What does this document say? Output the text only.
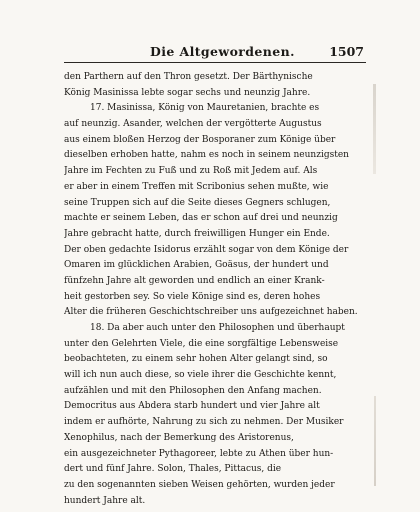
Die Altgewordenen.	1507
den Parthern auf den Thron gesetzt. Der Bärthynische
König Masinissa lebte sogar sechs und neunzig Jahre.
17. Masinissa, König von Mauretanien, brachte es
auf neunzig. Asander, welchen der vergötterte Augustus
aus einem bloßen Herzog der Bosporaner zum Könige über
dieselben erhoben hatte, nahm es noch in seinem neunzigsten
Jahre im Fechten zu Fuß und zu Roß mit Jedem auf. Als
er aber in einem Treffen mit Scribonius sehen mußte, wie
seine Truppen sich auf die Seite dieses Gegners schlugen,
machte er seinem Leben, das er schon auf drei und neunzig
Jahre gebracht hatte, durch freiwilligen Hunger ein Ende.
Der oben gedachte Isidorus erzählt sogar von dem Könige der
Omaren im glücklichen Arabien, Goäsus, der hundert und
fünfzehn Jahre alt geworden und endlich an einer Krank-
heit gestorben sey. So viele Könige sind es, deren hohes
Alter die früheren Geschichtschreiber uns aufgezeichnet haben.
18. Da aber auch unter den Philosophen und überhaupt
unter den Gelehrten Viele, die eine sorgfältige Lebensweise
beobachteten, zu einem sehr hohen Alter gelangt sind, so
will ich nun auch diese, so viele ihrer die Geschichte kennt,
aufzählen und mit den Philosophen den Anfang machen.
Democritus aus Abdera starb hundert und vier Jahre alt
indem er aufhörte, Nahrung zu sich zu nehmen. Der Musiker
Xenophilus, nach der Bemerkung des Aristorenus,
ein ausgezeichneter Pythagoreer, lebte zu Athen über hun-
dert und fünf Jahre. Solon, Thales, Pittacus, die
zu den sogenannten sieben Weisen gehörten, wurden jeder
hundert Jahre alt.
